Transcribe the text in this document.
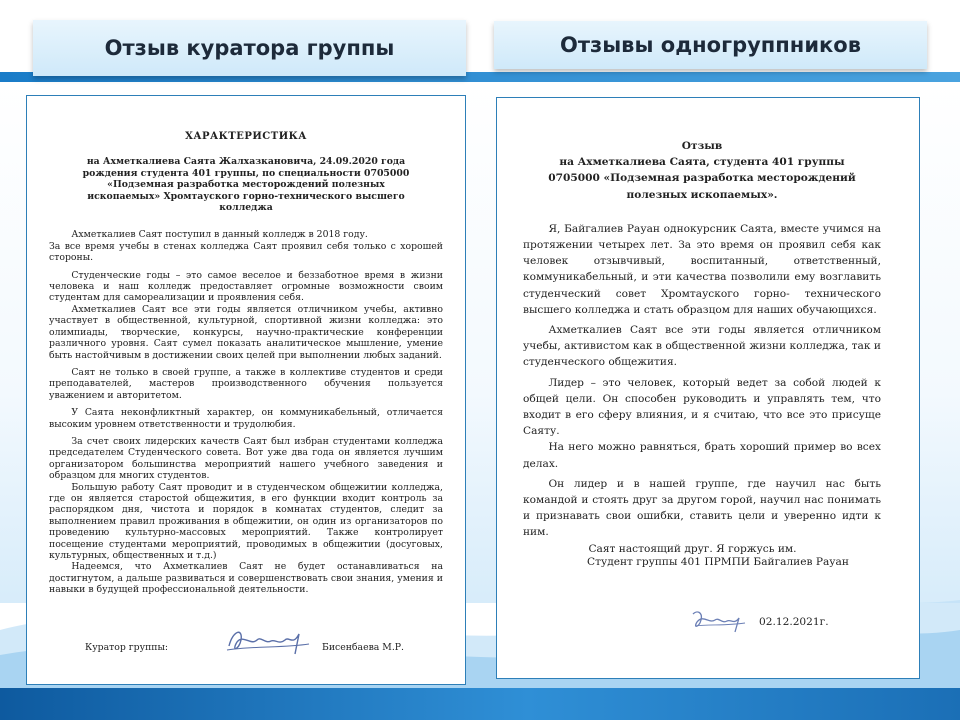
Отзыв куратора группы	Отзывы одногруппников
ХАРАКТЕРИСТИКА
на Ахметкалиева Саята Жалхазкановича, 24.09.2020 года рождения студента 401 группы, по специальности 0705000 «Подземная разработка месторождений полезных ископаемых» Хромтауского горно-технического высшего колледжа

Ахметкалиев Саят поступил в данный колледж в 2018 году.

За все время учебы в стенах колледжа Саят проявил себя только с хорошей стороны.

Студенческие годы – это самое веселое и беззаботное время в жизни человека и наш колледж предоставляет огромные возможности своим студентам для самореализации и проявления себя.

Ахметкалиев Саят все эти годы является отличником учебы, активно участвует в общественной, культурной, спортивной жизни колледжа: это олимпиады, творческие, конкурсы, научно-практические конференции различного уровня. Саят сумел показать аналитическое мышление, умение быть настойчивым в достижении своих целей при выполнении любых заданий.

Саят не только в своей группе, а также в коллективе студентов и среди преподавателей, мастеров производственного обучения пользуется уважением и авторитетом.

У Саята неконфликтный характер, он коммуникабельный, отличается высоким уровнем ответственности и трудолюбия.

За счет своих лидерских качеств Саят был избран студентами колледжа председателем Студенческого совета. Вот уже два года он является лучшим организатором большинства мероприятий нашего учебного заведения и образцом для многих студентов.

Большую работу Саят проводит и в студенческом общежитии колледжа, где он является старостой общежития, в его функции входит контроль за распорядком дня, чистота и порядок в комнатах студентов, следит за выполнением правил проживания в общежитии, он один из организаторов по проведению культурно-массовых мероприятий. Также контролирует посещение студентами мероприятий, проводимых в общежитии (досуговых, культурных, общественных и т.д.)

Надеемся, что Ахметкалиев Саят не будет останавливаться на достигнутом, а дальше развиваться и совершенствовать свои знания, умения и навыки в будущей профессиональной деятельности.

Куратор группы:	Бисенбаева М.Р.
Отзыв
на Ахметкалиева Саята, студента 401 группы 0705000 «Подземная разработка месторождений полезных ископаемых».

Я, Байгалиев Рауан однокурсник Саята, вместе учимся на протяжении четырех лет. За это время он проявил себя как человек отзывчивый, воспитанный, ответственный, коммуникабельный, и эти качества позволили ему возглавить студенческий совет Хромтауского горно- технического высшего колледжа и стать образцом для наших обучающихся.

Ахметкалиев Саят все эти годы является отличником учебы, активистом как в общественной жизни колледжа, так и студенческого общежития.

Лидер – это человек, который ведет за собой людей к общей цели. Он способен руководить и управлять тем, что входит в его сферу влияния, и я считаю, что все это присуще Саяту.

На него можно равняться, брать хороший пример во всех делах.

Он лидер и в нашей группе, где научил нас быть командой и стоять друг за другом горой, научил нас понимать и признавать свои ошибки, ставить цели и уверенно идти к ним.

Саят настоящий друг. Я горжусь им.

Студент группы 401 ПРМПИ Байгалиев Рауан
02.12.2021г.
